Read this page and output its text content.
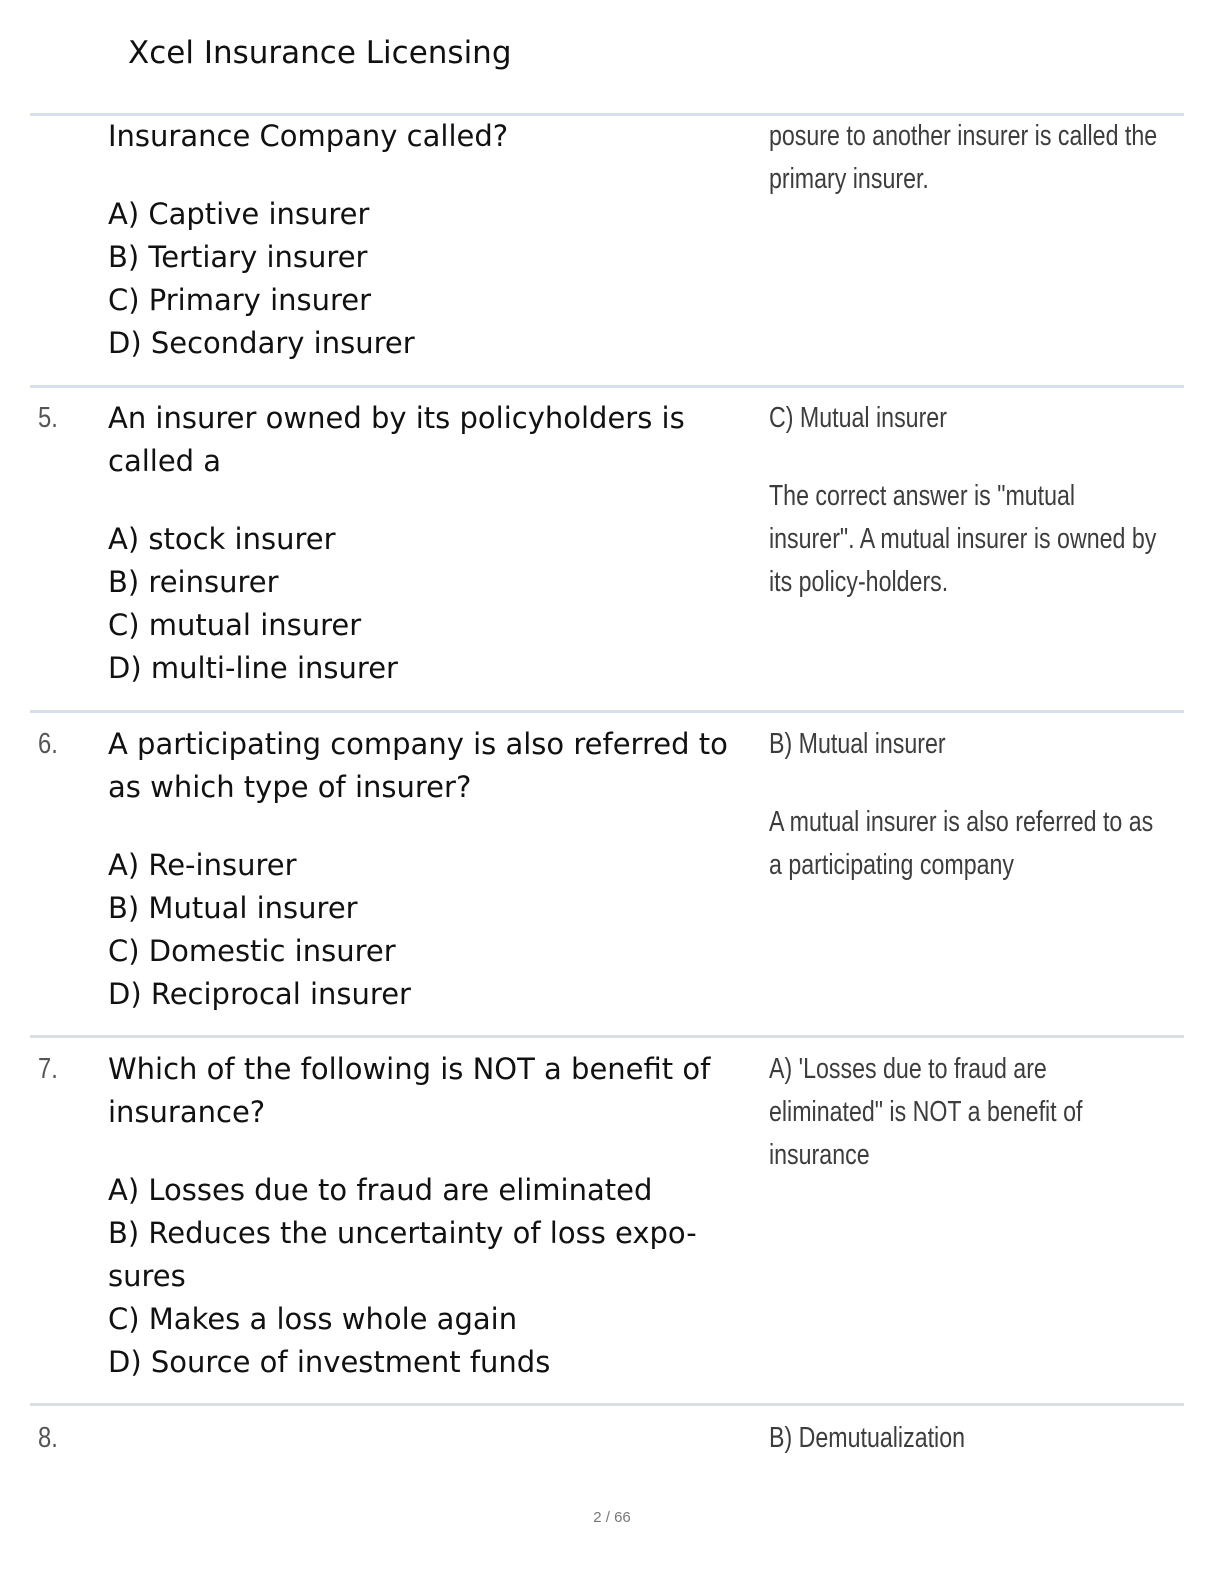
Xcel Insurance Licensing

Insurance Company called?

A) Captive insurer

B) Tertiary insurer

C) Primary insurer

D) Secondary insurer

posure to another insurer is called the primary insurer.

5. An insurer owned by its policyholders is called a

A) stock insurer

B) reinsurer

C) mutual insurer

D) multi-line insurer

C) Mutual insurer

The correct answer is "mutual insurer". A mutual insurer is owned by its policy-holders.

6. A participating company is also referred to as which type of insurer?

A) Re-insurer

B) Mutual insurer

C) Domestic insurer

D) Reciprocal insurer

B) Mutual insurer

A mutual insurer is also referred to as a participating company

7. Which of the following is NOT a benefit of insurance?

A) Losses due to fraud are eliminated

B) Reduces the uncertainty of loss expo-sures

C) Makes a loss whole again

D) Source of investment funds

A) 'Losses due to fraud are eliminated" is NOT a benefit of insurance

8.	B) Demutualization

2 / 66
